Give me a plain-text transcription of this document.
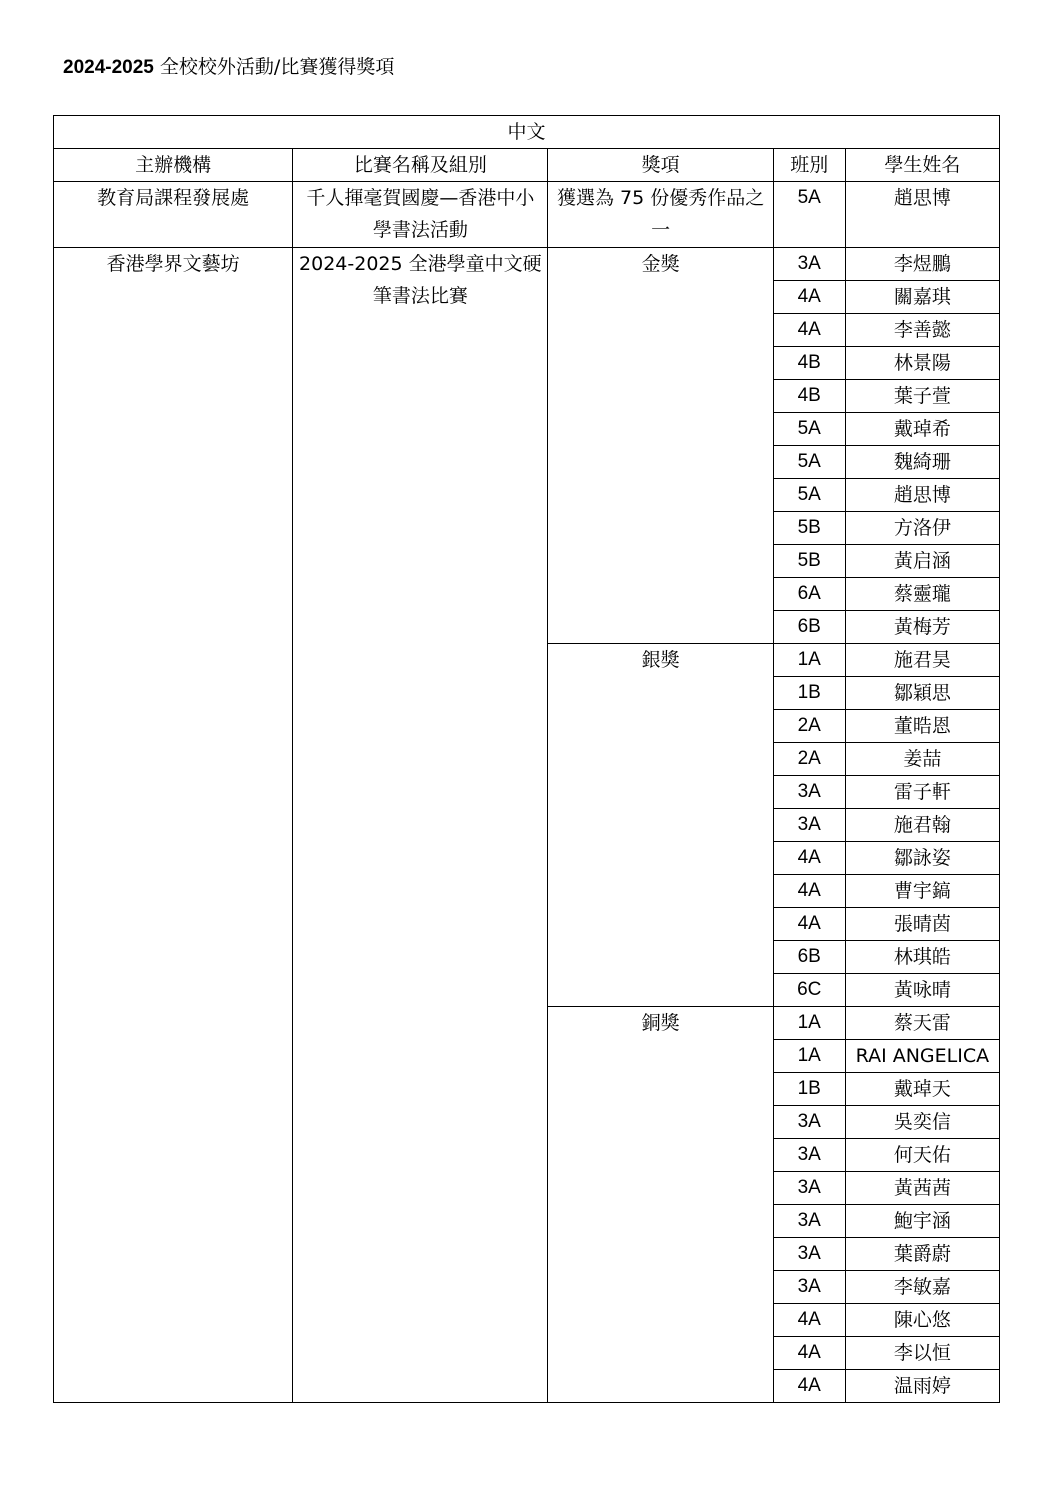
2024-2025 全校校外活動/比賽獲得獎項
中文				
主辦機構	比賽名稱及組別	獎項	班別	學生姓名
教育局課程發展處	千人揮毫賀國慶—香港中小學書法活動	獲選為 75 份優秀作品之一	5A	趙思博
香港學界文藝坊	2024-2025 全港學童中文硬筆書法比賽	金獎	3A	李煜鵬
			4A	關嘉琪
			4A	李善懿
			4B	林景陽
			4B	葉子萱
			5A	戴琸希
			5A	魏綺珊
			5A	趙思博
			5B	方洛伊
			5B	黃启涵
			6A	蔡靈瓏
			6B	黃梅芳
		銀獎	1A	施君昊
			1B	鄒穎思
			2A	董晧恩
			2A	姜喆
			3A	雷子軒
			3A	施君翰
			4A	鄒詠姿
			4A	曹宇鎬
			4A	張晴茵
			6B	林琪皓
			6C	黃咏晴
		銅獎	1A	蔡天雷
			1A	RAI ANGELICA
			1B	戴琸天
			3A	吳奕信
			3A	何天佑
			3A	黃茜茜
			3A	鮑宇涵
			3A	葉爵蔚
			3A	李敏嘉
			4A	陳心悠
			4A	李以恒
			4A	温雨婷
